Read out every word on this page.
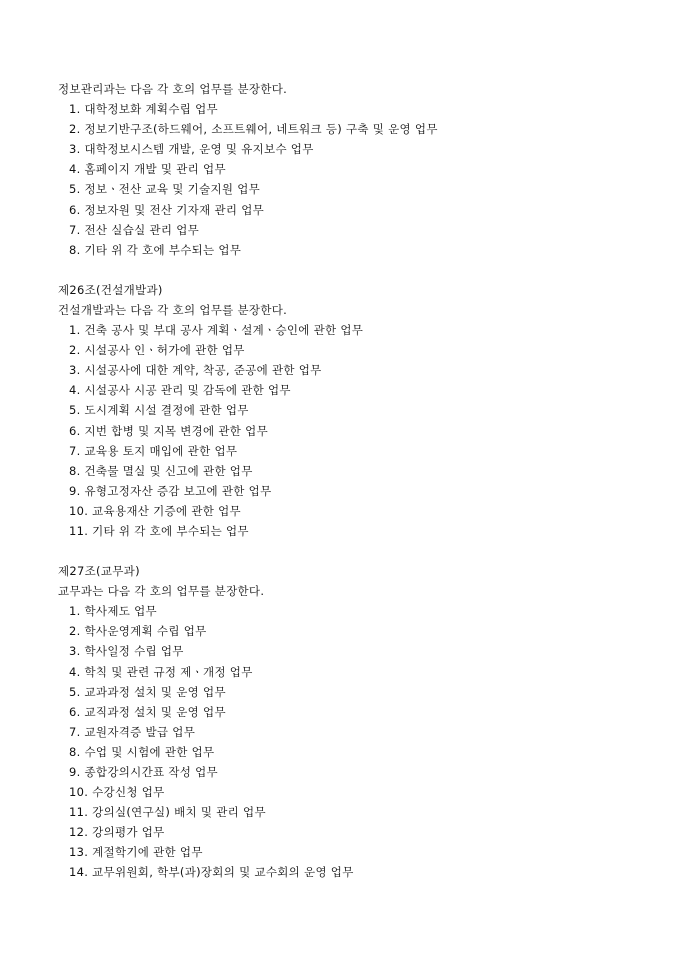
정보관리과는 다음 각 호의 업무를 분장한다.
1. 대학정보화 계획수립 업무
2. 정보기반구조(하드웨어, 소프트웨어, 네트워크 등) 구축 및 운영 업무
3. 대학정보시스템 개발, 운영 및 유지보수 업무
4. 홈페이지 개발 및 관리 업무
5. 정보ㆍ전산 교육 및 기술지원 업무
6. 정보자원 및 전산 기자재 관리 업무
7. 전산 실습실 관리 업무
8. 기타 위 각 호에 부수되는 업무
제26조(건설개발과)
건설개발과는 다음 각 호의 업무를 분장한다.
1. 건축 공사 및 부대 공사 계획ㆍ설계ㆍ승인에 관한 업무
2. 시설공사 인ㆍ허가에 관한 업무
3. 시설공사에 대한 계약, 착공, 준공에 관한 업무
4. 시설공사 시공 관리 및 감독에 관한 업무
5. 도시계획 시설 결정에 관한 업무
6. 지번 합병 및 지목 변경에 관한 업무
7. 교육용 토지 매입에 관한 업무
8. 건축물 멸실 및 신고에 관한 업무
9. 유형고정자산 증감 보고에 관한 업무
10. 교육용재산 기증에 관한 업무
11. 기타 위 각 호에 부수되는 업무
제27조(교무과)
교무과는 다음 각 호의 업무를 분장한다.
1. 학사제도 업무
2. 학사운영계획 수립 업무
3. 학사일정 수립 업무
4. 학칙 및 관련 규정 제ㆍ개정 업무
5. 교과과정 설치 및 운영 업무
6. 교직과정 설치 및 운영 업무
7. 교원자격증 발급 업무
8. 수업 및 시험에 관한 업무
9. 종합강의시간표 작성 업무
10. 수강신청 업무
11. 강의실(연구실) 배치 및 관리 업무
12. 강의평가 업무
13. 계절학기에 관한 업무
14. 교무위원회, 학부(과)장회의 및 교수회의 운영 업무
